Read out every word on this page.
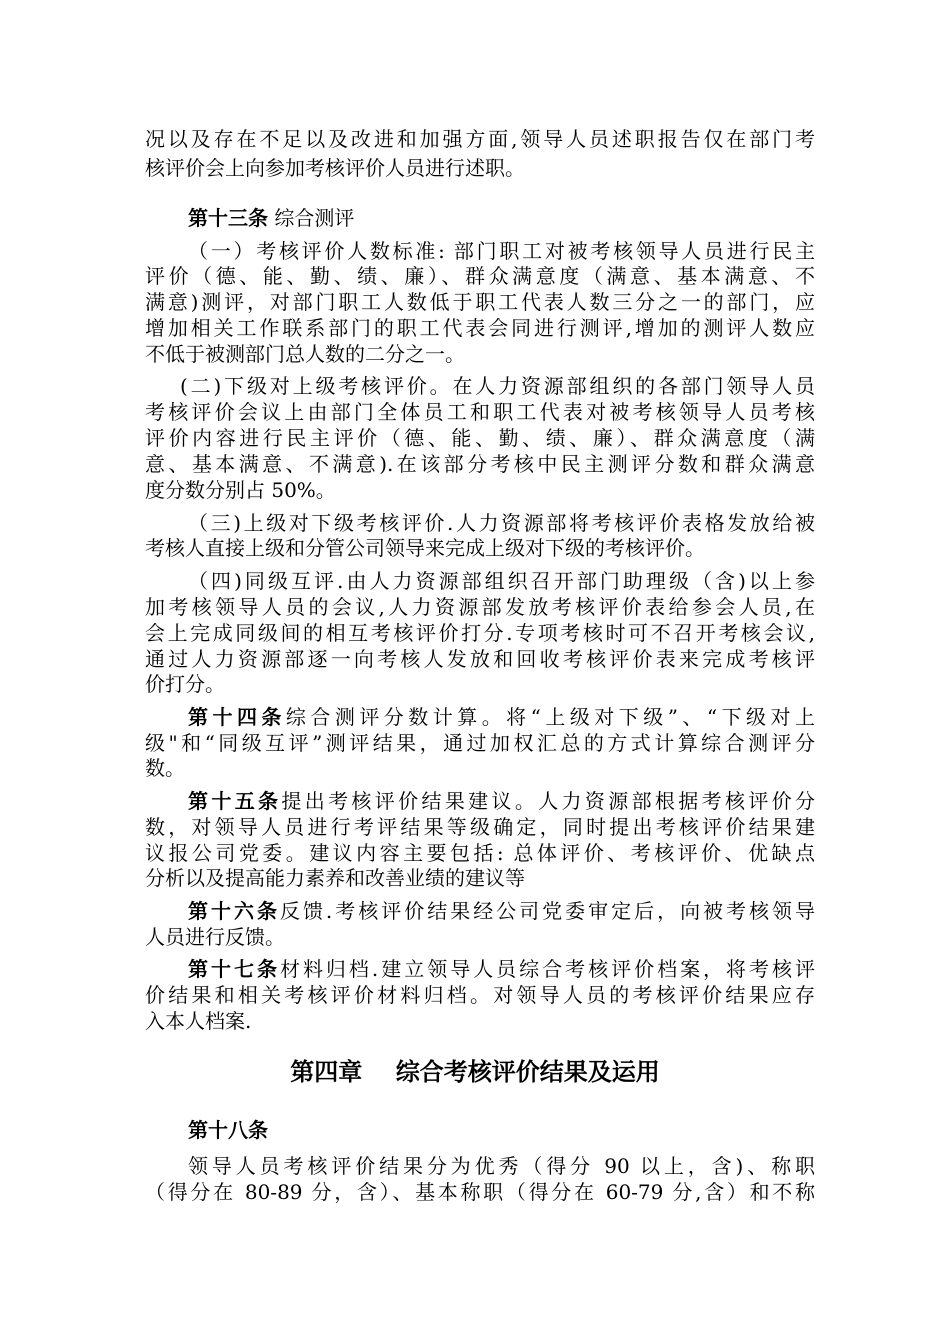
况以及存在不足以及改进和加强方面,领导人员述职报告仅在部门考
核评价会上向参加考核评价人员进行述职。
第十三条 综合测评
（一）考核评价人数标准: 部门职工对被考核领导人员进行民主
评价（德、能、勤、绩、廉）、群众满意度（满意、基本满意、不
满意)测评，对部门职工人数低于职工代表人数三分之一的部门，应
增加相关工作联系部门的职工代表会同进行测评,增加的测评人数应
不低于被测部门总人数的二分之一。
(二)下级对上级考核评价。在人力资源部组织的各部门领导人员
考核评价会议上由部门全体员工和职工代表对被考核领导人员考核
评价内容进行民主评价（德、能、勤、绩、廉）、群众满意度（满
意、基本满意、不满意).在该部分考核中民主测评分数和群众满意
度分数分别占 50%。
（三)上级对下级考核评价.人力资源部将考核评价表格发放给被
考核人直接上级和分管公司领导来完成上级对下级的考核评价。
（四)同级互评.由人力资源部组织召开部门助理级（含)以上参
加考核领导人员的会议,人力资源部发放考核评价表给参会人员,在
会上完成同级间的相互考核评价打分.专项考核时可不召开考核会议,
通过人力资源部逐一向考核人发放和回收考核评价表来完成考核评
价打分。
第十四条综合测评分数计算。将“上级对下级”、“下级对上
级"和“同级互评”测评结果，通过加权汇总的方式计算综合测评分
数。
第十五条提出考核评价结果建议。人力资源部根据考核评价分
数，对领导人员进行考评结果等级确定，同时提出考核评价结果建
议报公司党委。建议内容主要包括: 总体评价、考核评价、优缺点
分析以及提高能力素养和改善业绩的建议等
第十六条反馈.考核评价结果经公司党委审定后，向被考核领导
人员进行反馈。
第十七条材料归档.建立领导人员综合考核评价档案，将考核评
价结果和相关考核评价材料归档。对领导人员的考核评价结果应存
入本人档案.
第四章    综合考核评价结果及运用
第十八条
领导人员考核评价结果分为优秀（得分 90 以上，含)、称职
（得分在 80-89 分，含）、基本称职（得分在 60-79 分,含）和不称
